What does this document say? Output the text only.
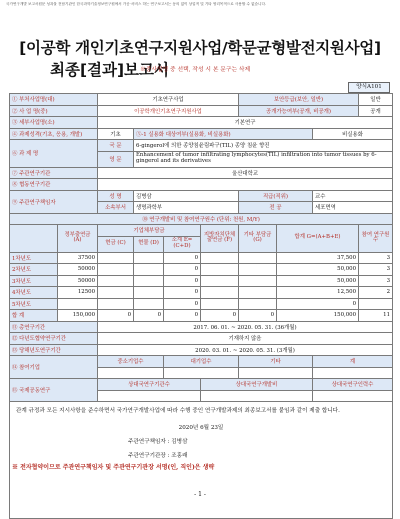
국가연구개발 보고서원문 성과물 전담기관인 한국과학기술정보연구원에서 가공·서비스 하는 연구보고서는 동의 없이 상업적 및 기타 영리목적으로 사용할 수 없습니다.
[이공학 개인기초연구지원사업/학문균형발전지원사업]
최종[결과]보고서
※중사업명 중 선택, 작성 시 본 문구는 삭제
양식A101
① 부처사업명(대)		기초연구사업				보안등급(보안, 일반)			일반
② 사 업 명(중)		이공학개인기초연구지원사업				공개가능여부(공개, 비공개)			공개
③ 세부사업명(소)		기본연구							
④ 과제성격(기초, 응용, 개발)		기초	⑤-1 실용화 대상여부(실용화, 비실용화)					비실용화	
⑥ 과 제 명		국 문	6-gingerol에 의한 종양침윤림파구(TIL) 종양 침윤 향진						
		영 문	Enhancement of tumor infiltrating lymphocytes(TIL) infiltration into tumor tissues by 6-gingerol and its derivatives						
⑦ 주관연구기관		울산대학교							
⑧ 협동연구기관									
⑨ 주관연구책임자		성 명	김병삼			직급(직위)		교수	
		소속부서	생명과학부			전 공		세포면역	
⑩ 연구개발비 및 참여연구원수 (단위: 천원, M/Y)									
	정부출연금 (A)	기업체부담금			지방자치단체 출연금 (F)	기타 부담금 (G)	합계 G=(A+B+E)		참여 연구원수
		현금 (C)	현물 (D)	소계 E=(C+D)					
1차년도	37500			0			37,500		3
2차년도	50000			0			50,000		3
3차년도	50000			0			50,000		3
4차년도	12500			0			12,500		2
5차년도				0			0		
합 계	150,000	0	0	0	0	0	150,000		11
⑪ 총연구기간		2017. 06. 01. ~ 2020. 05. 31. (36개월)							
⑫ 다년도협약연구기간		기재하지 않음							
⑬ 당해년도연구기간		2020. 03. 01. ~ 2020. 05. 31. (3개월)							
⑭ 참여기업		중소기업수		대기업수		기타		계	

⑮ 국제공동연구		상대국연구기관수			상대국연구개발비			상대국연구인력수	

관계 규정과 모든 지시사항을 준수하면서 국가연구개발사업에 따라 수행 중인 연구개발과제의 최종보고서를 붙임과 같이 제출 합니다.
2020년 6월 23일
주관연구책임자 : 김병삼
주관연구기관장 : 조홍래									
※ 전자협약이므로 주관연구책임자 및 주관연구기관장 서명(인, 직인)은 생략
- 1 -
